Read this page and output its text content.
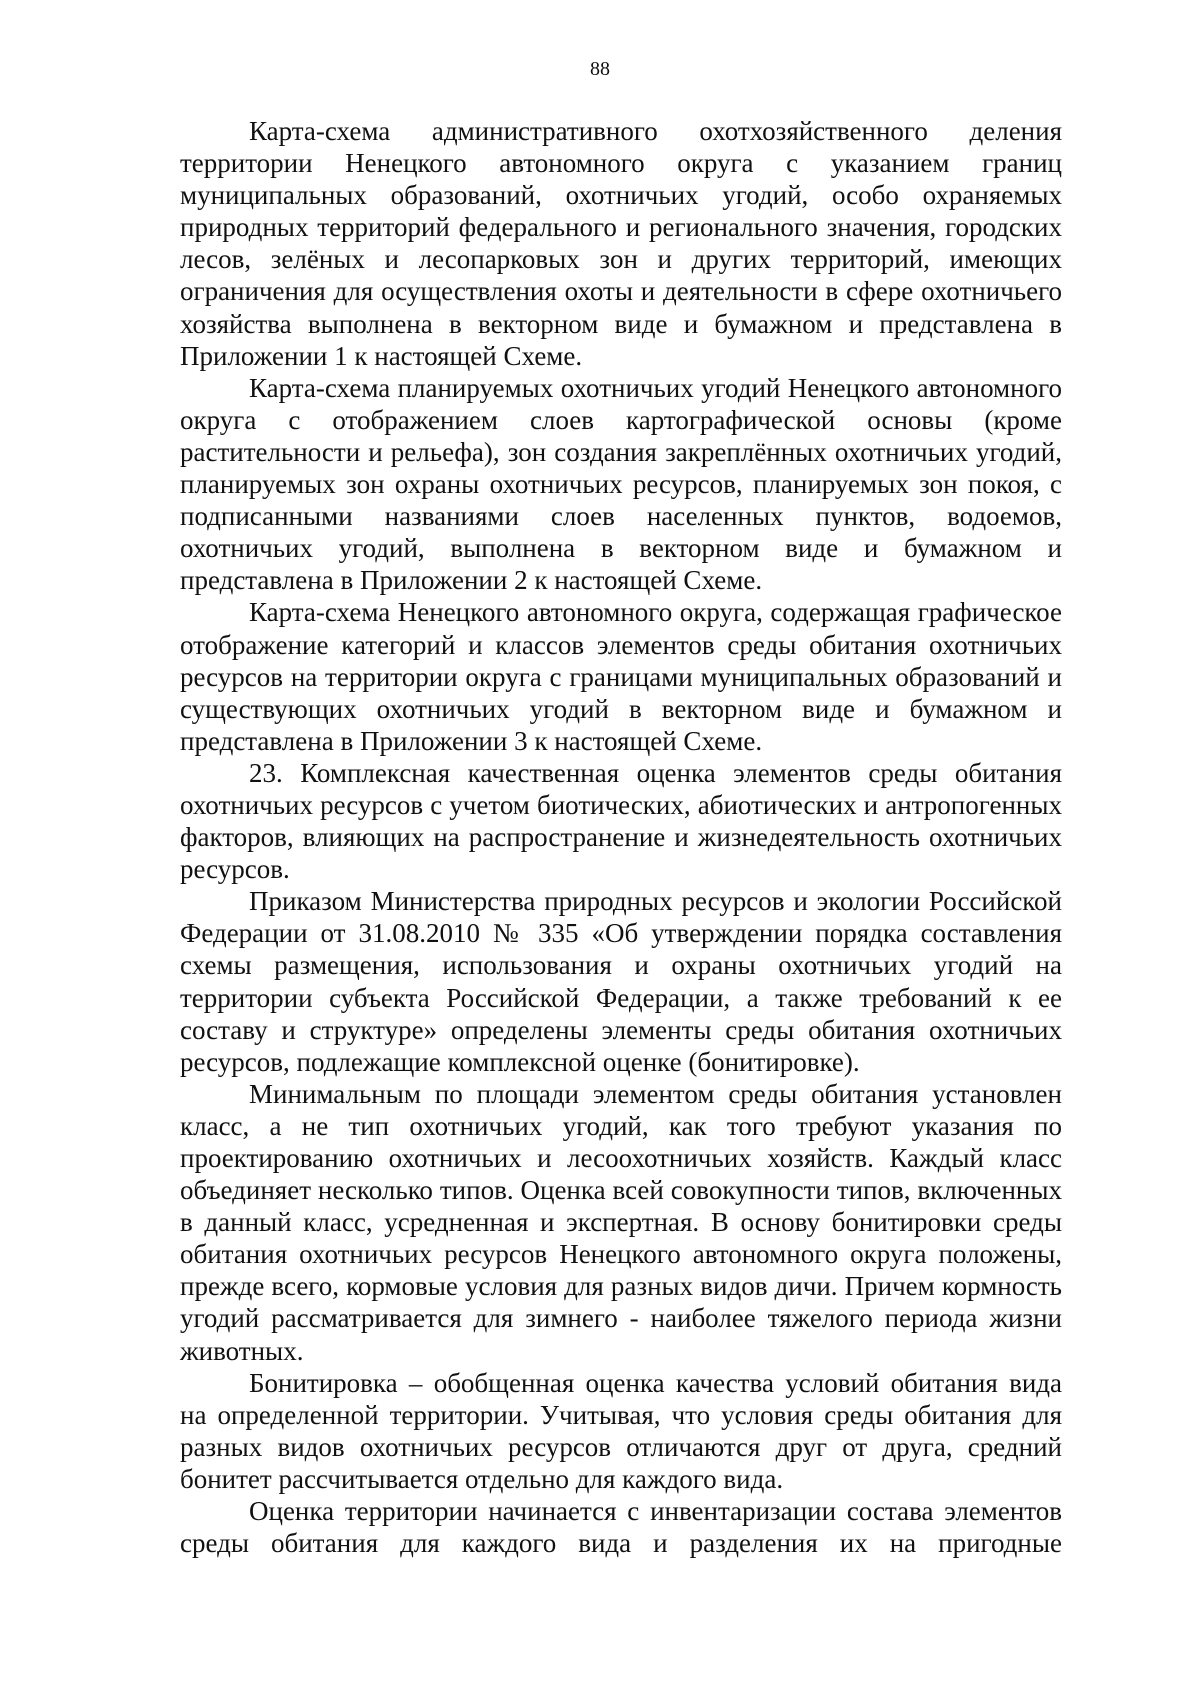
88

Карта-схема административного охотхозяйственного деления территории Ненецкого автономного округа с указанием границ муниципальных образований, охотничьих угодий, особо охраняемых природных территорий федерального и регионального значения, городских лесов, зелёных и лесопарковых зон и других территорий, имеющих ограничения для осуществления охоты и деятельности в сфере охотничьего хозяйства выполнена в векторном виде и бумажном и представлена в Приложении 1 к настоящей Схеме.

Карта-схема планируемых охотничьих угодий Ненецкого автономного округа с отображением слоев картографической основы (кроме растительности и рельефа), зон создания закреплённых охотничьих угодий, планируемых зон охраны охотничьих ресурсов, планируемых зон покоя, с подписанными названиями слоев населенных пунктов, водоемов, охотничьих угодий, выполнена в векторном виде и бумажном и представлена в Приложении 2 к настоящей Схеме.

Карта-схема Ненецкого автономного округа, содержащая графическое отображение категорий и классов элементов среды обитания охотничьих ресурсов на территории округа с границами муниципальных образований и существующих охотничьих угодий в векторном виде и бумажном и представлена в Приложении 3 к настоящей Схеме.

23. Комплексная качественная оценка элементов среды обитания охотничьих ресурсов с учетом биотических, абиотических и антропогенных факторов, влияющих на распространение и жизнедеятельность охотничьих ресурсов.

Приказом Министерства природных ресурсов и экологии Российской Федерации от 31.08.2010 № 335 «Об утверждении порядка составления схемы размещения, использования и охраны охотничьих угодий на территории субъекта Российской Федерации, а также требований к ее составу и структуре» определены элементы среды обитания охотничьих ресурсов, подлежащие комплексной оценке (бонитировке).

Минимальным по площади элементом среды обитания установлен класс, а не тип охотничьих угодий, как того требуют указания по проектированию охотничьих и лесоохотничьих хозяйств. Каждый класс объединяет несколько типов. Оценка всей совокупности типов, включенных в данный класс, усредненная и экспертная. В основу бонитировки среды обитания охотничьих ресурсов Ненецкого автономного округа положены, прежде всего, кормовые условия для разных видов дичи. Причем кормность угодий рассматривается для зимнего - наиболее тяжелого периода жизни животных.

Бонитировка – обобщенная оценка качества условий обитания вида на определенной территории. Учитывая, что условия среды обитания для разных видов охотничьих ресурсов отличаются друг от друга, средний бонитет рассчитывается отдельно для каждого вида.

Оценка территории начинается с инвентаризации состава элементов среды обитания для каждого вида и разделения их на пригодные
